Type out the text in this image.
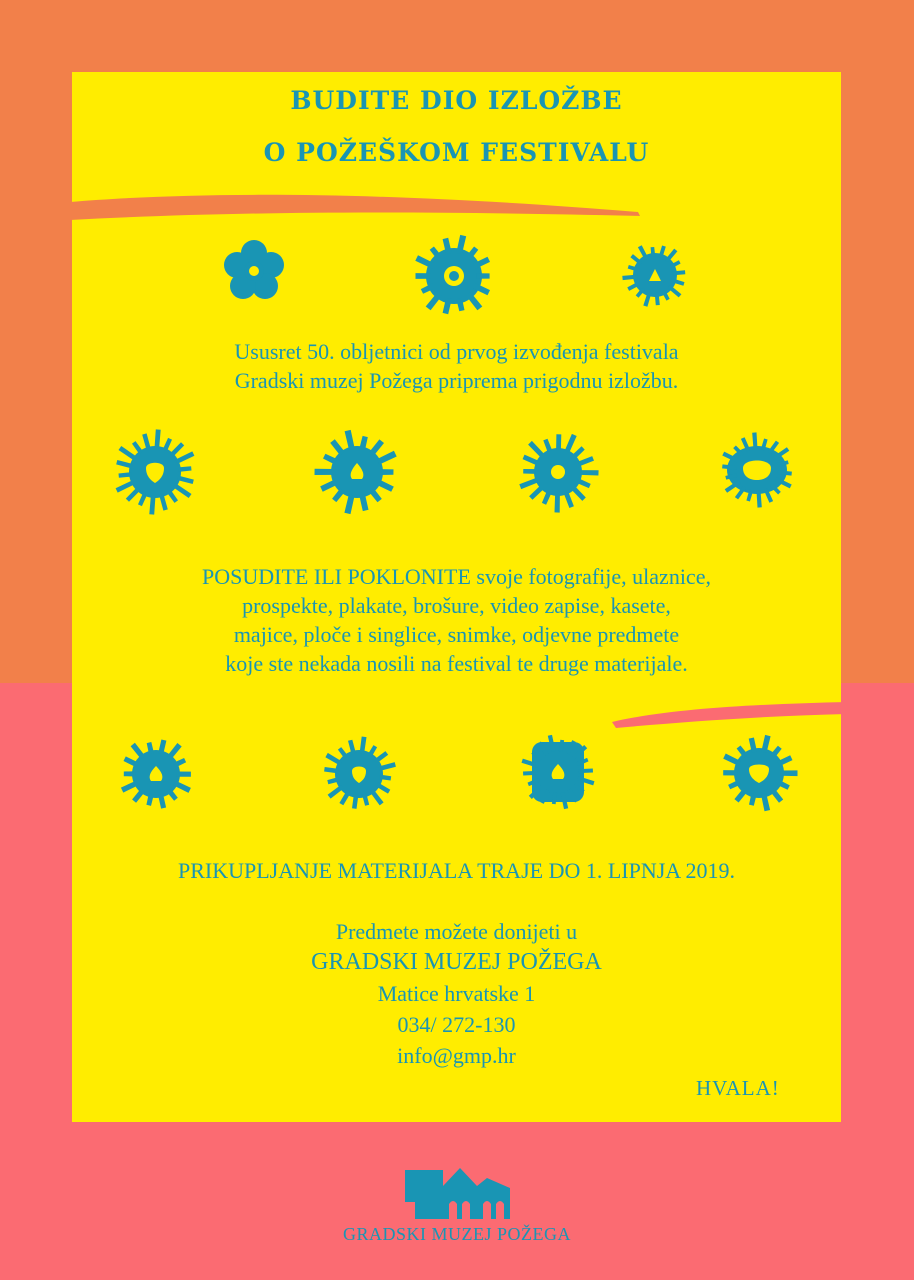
BUDITE DIO IZLOŽBE
O POŽEŠKOM FESTIVALU
Ususret 50. obljetnici od prvog izvođenja festivala
Gradski muzej Požega priprema prigodnu izložbu.
POSUDITE ILI POKLONITE svoje fotografije, ulaznice,
prospekte, plakate, brošure, video zapise, kasete,
majice, ploče i singlice, snimke, odjevne predmete
koje ste nekada nosili na festival te druge materijale.
PRIKUPLJANJE MATERIJALA TRAJE DO 1. LIPNJA 2019.
Predmete možete donijeti u
GRADSKI MUZEJ POŽEGA
Matice hrvatske 1
034/ 272-130
info@gmp.hr
HVALA!
GRADSKI MUZEJ POŽEGA
